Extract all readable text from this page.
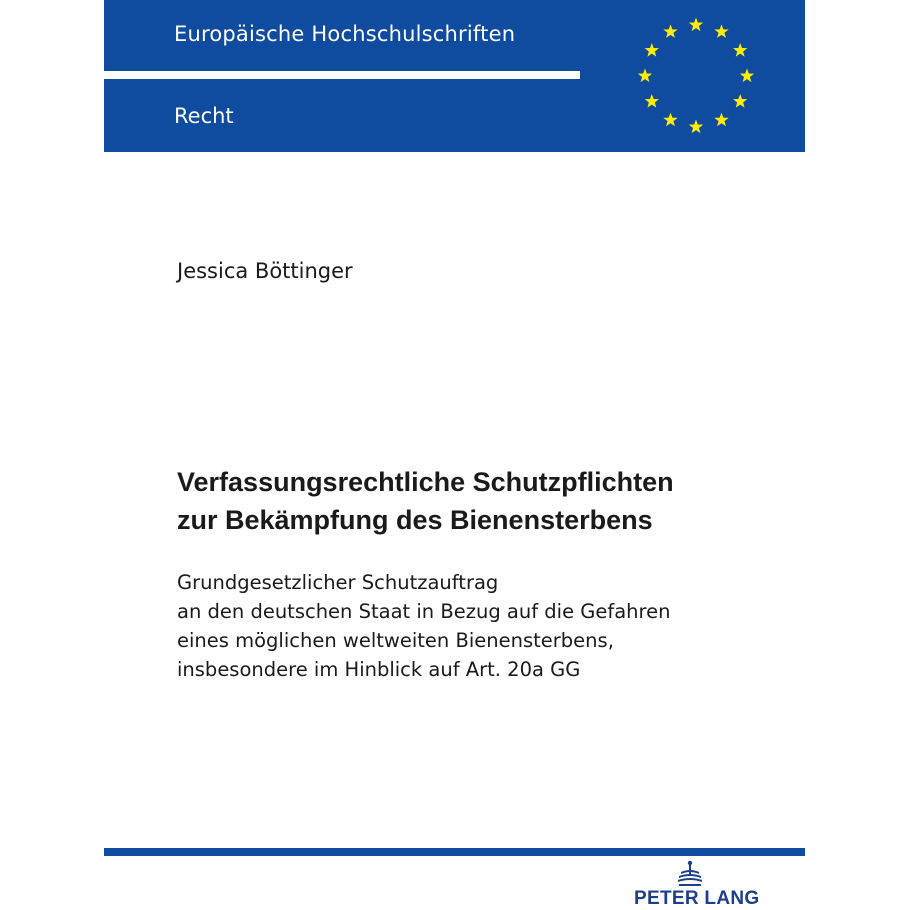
Europäische Hochschulschriften
Recht
Jessica Böttinger
Verfassungsrechtliche Schutzpflichten
zur Bekämpfung des Bienensterbens
Grundgesetzlicher Schutzauftrag
an den deutschen Staat in Bezug auf die Gefahren
eines möglichen weltweiten Bienensterbens,
insbesondere im Hinblick auf Art. 20a GG
PETER LANG
